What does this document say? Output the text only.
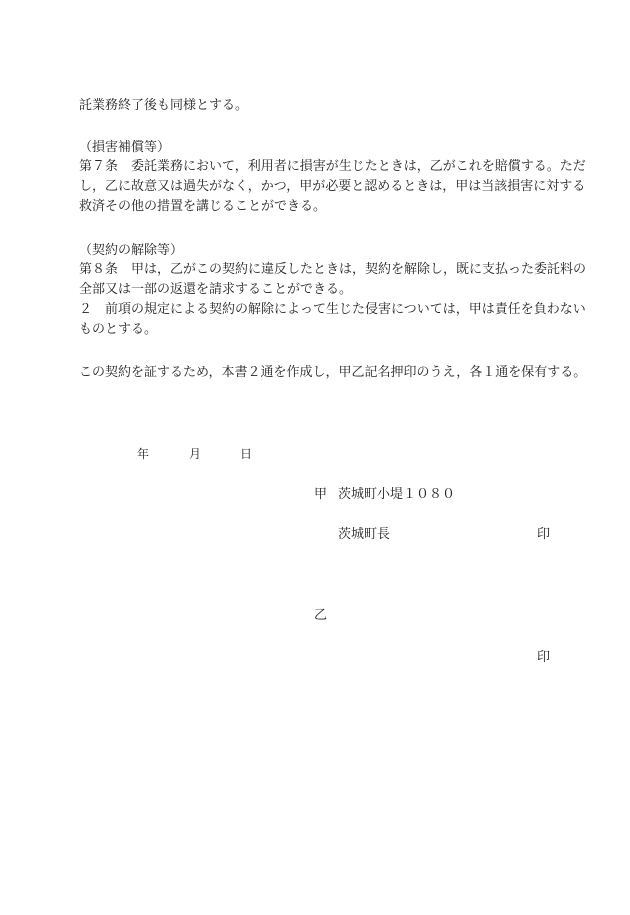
託業務終了後も同様とする。
（損害補償等）
第７条　委託業務において，利用者に損害が生じたときは，乙がこれを賠償する。ただ
し，乙に故意又は過失がなく，かつ，甲が必要と認めるときは，甲は当該損害に対する
救済その他の措置を講じることができる。
（契約の解除等）
第８条　甲は，乙がこの契約に違反したときは，契約を解除し，既に支払った委託料の
全部又は一部の返還を請求することができる。
２　前項の規定による契約の解除によって生じた侵害については，甲は責任を負わない
ものとする。
この契約を証するため，本書２通を作成し，甲乙記名押印のうえ，各１通を保有する。
年	月	日
甲 茨城町小堤１０８０
茨城町長	印
乙
印
